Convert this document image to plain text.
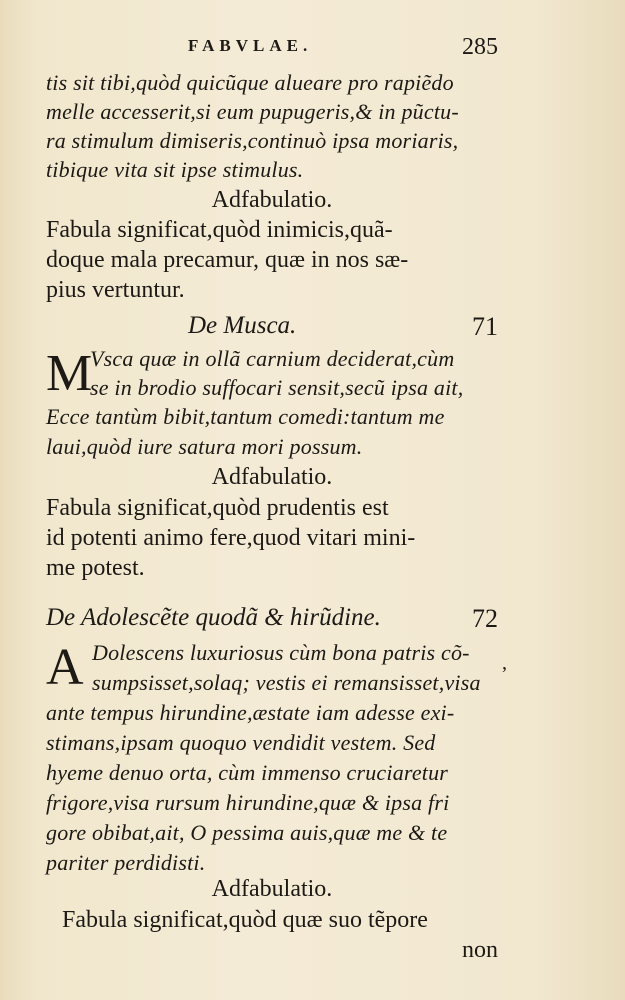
FABVLAE.	285
tis sit tibi,quòd quicũque alueare pro rapiẽdo
melle accesserit,si eum pupugeris,& in pũctu-
ra stimulum dimiseris,continuò ipsa moriaris,
tibique vita sit ipse stimulus.
Adfabulatio.
Fabula significat,quòd inimicis,quã-
doque mala precamur, quæ in nos sæ-
pius vertuntur.
De Musca.	71
M
Vsca quæ in ollã carnium deciderat,cùm
se in brodio suffocari sensit,secũ ipsa ait,
Ecce tantùm bibit,tantum comedi:tantum me
laui,quòd iure satura mori possum.
Adfabulatio.
Fabula significat,quòd prudentis est
id potenti animo fere,quod vitari mini-
me potest.
De Adolescẽte quodã & hirũdine.	72
A Dolescens luxuriosus cùm bona patris cõ-
sumpsisset,solaq; vestis ei remansisset,visa
ante tempus hirundine,æstate iam adesse exi-
stimans,ipsam quoquo vendidit vestem. Sed
hyeme denuo orta, cùm immenso cruciaretur
frigore,visa rursum hirundine,quæ & ipsa fri
gore obibat,ait, O pessima auis,quæ me & te
pariter perdidisti.
Adfabulatio.
Fabula significat,quòd quæ suo tẽpore
non
,
